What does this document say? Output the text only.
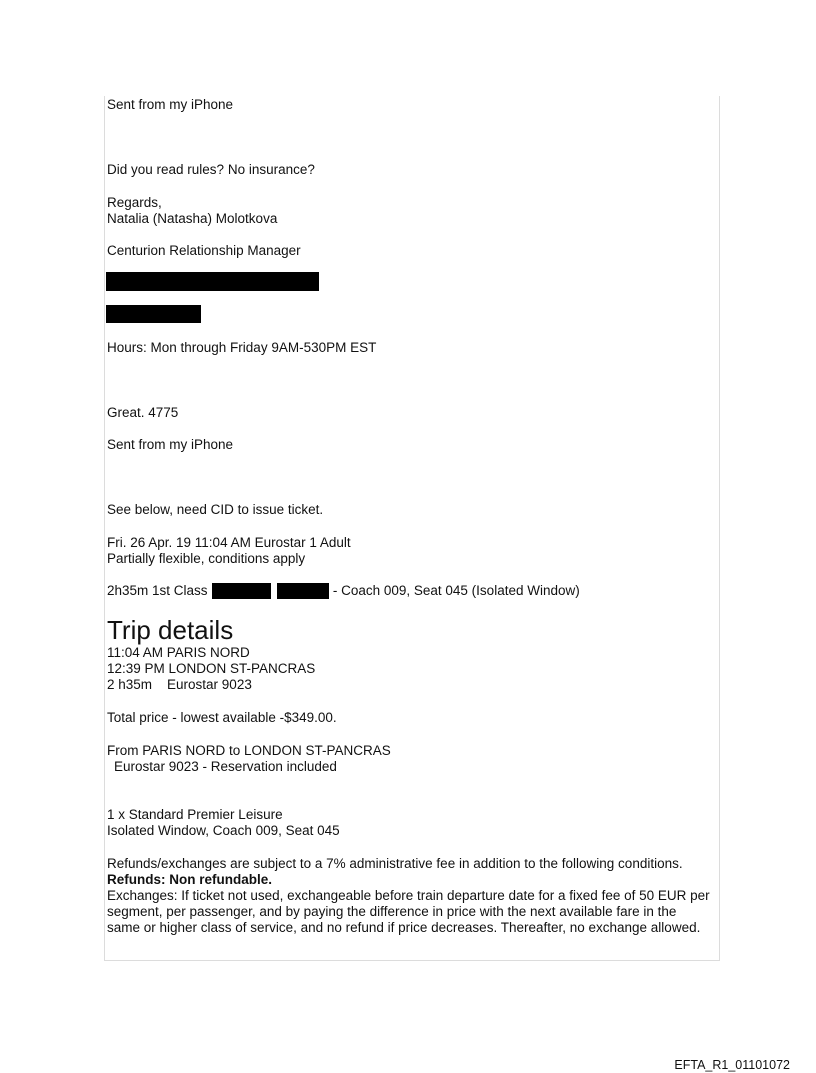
Sent from my iPhone
Did you read rules? No insurance?
Regards,
Natalia (Natasha) Molotkova
Centurion Relationship Manager
Hours: Mon through Friday 9AM-530PM EST
Great. 4775
Sent from my iPhone
See below, need CID to issue ticket.
Fri. 26 Apr. 19 11:04 AM Eurostar 1 Adult
Partially flexible, conditions apply
2h35m 1st Class	- Coach 009, Seat 045 (Isolated Window)
Trip details
11:04 AM PARIS NORD
12:39 PM LONDON ST-PANCRAS
2 h35m    Eurostar 9023
Total price - lowest available -$349.00.
From PARIS NORD to LONDON ST-PANCRAS
Eurostar 9023 - Reservation included
1 x Standard Premier Leisure
Isolated Window, Coach 009, Seat 045
Refunds/exchanges are subject to a 7% administrative fee in addition to the following conditions.
Refunds: Non refundable.
Exchanges: If ticket not used, exchangeable before train departure date for a fixed fee of 50 EUR per segment, per passenger, and by paying the difference in price with the next available fare in the same or higher class of service, and no refund if price decreases. Thereafter, no exchange allowed.
EFTA_R1_01101072
